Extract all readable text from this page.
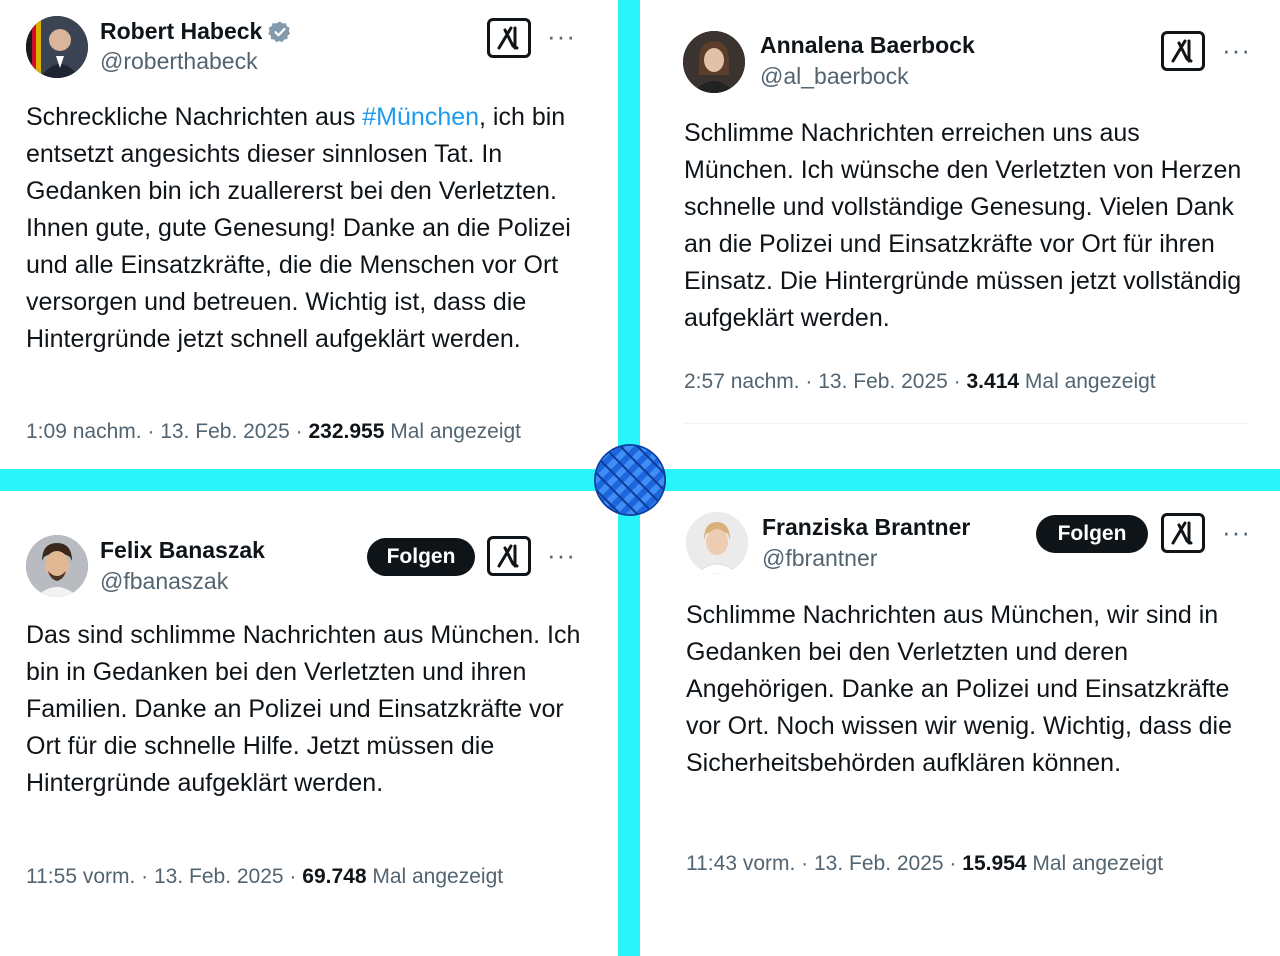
Robert Habeck
@roberthabeck
···
Schreckliche Nachrichten aus #München, ich bin entsetzt angesichts dieser sinnlosen Tat. In Gedanken bin ich zuallererst bei den Verletzten. Ihnen gute, gute Genesung! Danke an die Polizei und alle Einsatzkräfte, die die Menschen vor Ort versorgen und betreuen. Wichtig ist, dass die Hintergründe jetzt schnell aufgeklärt werden.
1:09 nachm. · 13. Feb. 2025 · 232.955 Mal angezeigt
Annalena Baerbock
@al_baerbock
···
Schlimme Nachrichten erreichen uns aus München. Ich wünsche den Verletzten von Herzen schnelle und vollständige Genesung. Vielen Dank an die Polizei und Einsatzkräfte vor Ort für ihren Einsatz. Die Hintergründe müssen jetzt vollständig aufgeklärt werden.
2:57 nachm. · 13. Feb. 2025 · 3.414 Mal angezeigt
Felix Banaszak
@fbanaszak
Folgen	···
Das sind schlimme Nachrichten aus München. Ich bin in Gedanken bei den Verletzten und ihren Familien. Danke an Polizei und Einsatzkräfte vor Ort für die schnelle Hilfe. Jetzt müssen die Hintergründe aufgeklärt werden.
11:55 vorm. · 13. Feb. 2025 · 69.748 Mal angezeigt
Franziska Brantner
@fbrantner
Folgen	···
Schlimme Nachrichten aus München, wir sind in Gedanken bei den Verletzten und deren Angehörigen. Danke an Polizei und Einsatzkräfte vor Ort. Noch wissen wir wenig. Wichtig, dass die Sicherheitsbehörden aufklären können.
11:43 vorm. · 13. Feb. 2025 · 15.954 Mal angezeigt
